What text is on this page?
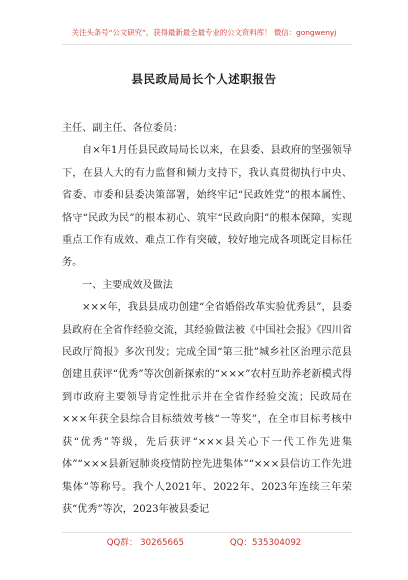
关注头条号“公文研究”，获得最新最全最专业的公文资料库！ 微信：gongwenyj
县民政局局长个人述职报告

主任、副主任、各位委员：

自×年1月任县民政局局长以来，在县委、县政府的坚强领导下，在县人大的有力监督和倾力支持下，我认真贯彻执行中央、省委、市委和县委决策部署，始终牢记“民政姓党”的根本属性、恪守“民政为民”的根本初心、筑牢“民政向阳”的根本保障，实现重点工作有成效、难点工作有突破，较好地完成各项既定目标任务。

一、主要成效及做法

×××年，我县县成功创建“全省婚俗改革实验优秀县”，县委县政府在全省作经验交流，其经验做法被《中国社会报》《四川省民政厅简报》多次刊发；完成全国“第三批”城乡社区治理示范县创建且获评“优秀”等次创新探索的“×××”农村互助养老新模式得到市政府主要领导肯定性批示并在全省作经验交流；民政局在×××年获全县综合目标绩效考核“一等奖”，在全市目标考核中获“优秀”等级，先后获评“×××县关心下一代工作先进集体”“×××县新冠肺炎疫情防控先进集体”“×××县信访工作先进集体”等称号。我个人2021年、2022年、2023年连续三年荣获“优秀”等次，2023年被县委记

QQ群： 30265665	QQ：535304092
